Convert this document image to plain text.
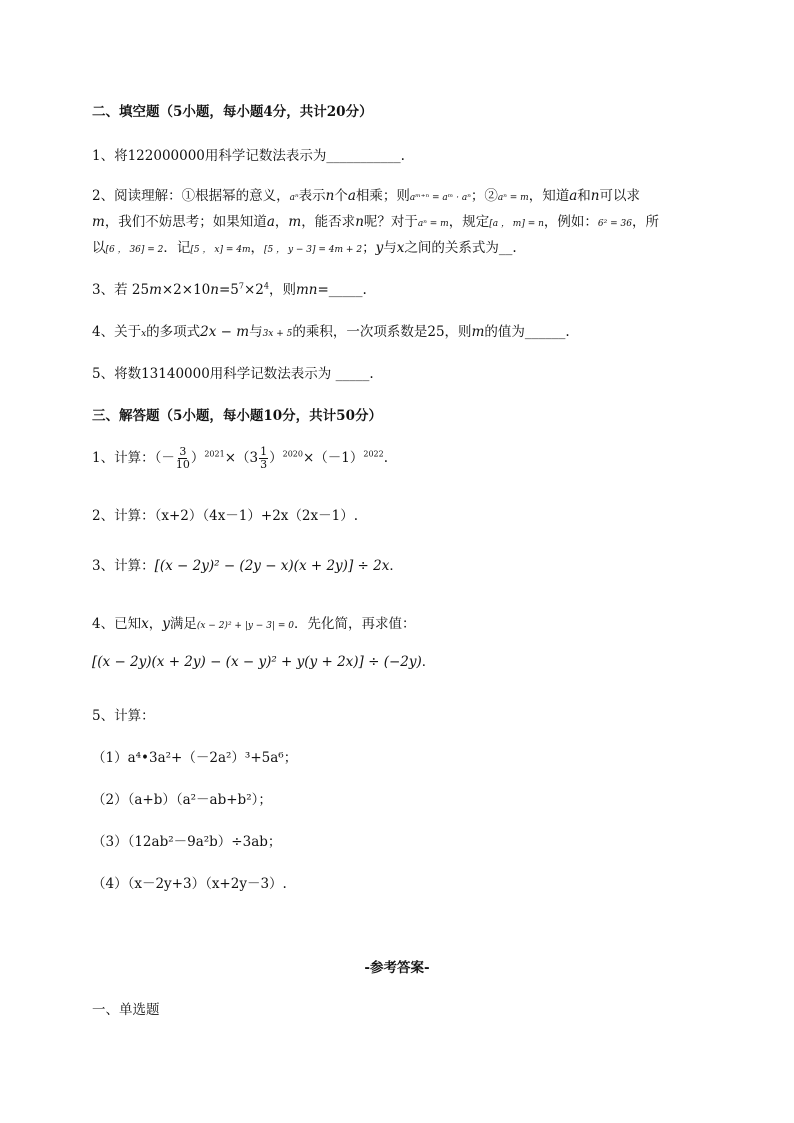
二、填空题（5小题，每小题4分，共计20分）
1、将122000000用科学记数法表示为___________.
2、阅读理解：①根据幂的意义，aⁿ表示n个a相乘；则aᵐ⁺ⁿ = aᵐ · aⁿ；②aⁿ = m，知道a和n可以求
m，我们不妨思考；如果知道a，m，能否求n呢？对于aⁿ = m，规定[a ， m] = n，例如：6² = 36，所
以[6 ， 36] = 2．记[5 ， x] = 4m，[5 ， y − 3] = 4m + 2；y与x之间的关系式为__.
3、若 $25m\times 2\times 10n=5^7\times 2^4$，则mn=_____.
4、关于x的多项式2x − m与3x + 5的乘积，一次项系数是25，则m的值为______.
5、将数13140000用科学记数法表示为 _____.
三、解答题（5小题，每小题10分，共计50分）
1、计算：（－ $\frac{3}{10} )^{2021}\times(3 \frac{1}{3} )^{2020}\times(-1)^{2022}$.
2、计算：（x+2）（4x－1）+2x（2x－1）.
3、计算：[(x − 2y)² − (2y − x)(x + 2y)] ÷ 2x．
4、已知x，y满足(x − 2)² + |y − 3| = 0．先化简，再求值：
[(x − 2y)(x + 2y) − (x − y)² + y(y + 2x)] ÷ (−2y)．
5、计算：
（1）a⁴•3a²+（－2a²）³+5a⁶；
（2）（a+b）（a²－ab+b²）；
（3）（12ab²－9a²b）÷3ab；
（4）（x－2y+3）（x+2y－3）.
-参考答案-
一、单选题
